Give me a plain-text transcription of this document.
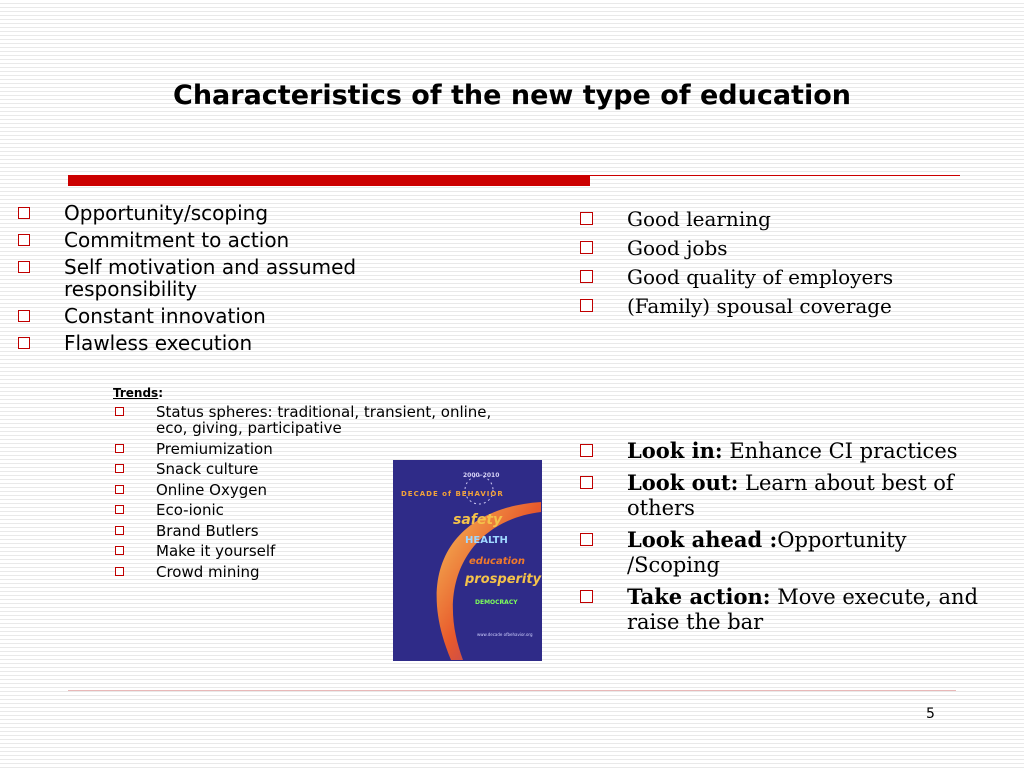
Characteristics of the new type of education
Opportunity/scoping
Commitment to action
Self motivation and assumed responsibility
Constant innovation
Flawless execution
Good learning
Good jobs
Good quality of employers
(Family) spousal coverage
Trends:
Status spheres: traditional, transient, online, eco, giving, participative
Premiumization
Snack culture
Online Oxygen
Eco-ionic
Brand Butlers
Make it yourself
Crowd mining
DECADE of BEHAVIOR
2000–2010
safety
HEALTH
education
prosperity
DEMOCRACY
www.decade ofbehavior.org
Look in: Enhance CI practices
Look out: Learn about best of others
Look ahead :Opportunity /Scoping
Take action: Move execute, and raise the bar
5
